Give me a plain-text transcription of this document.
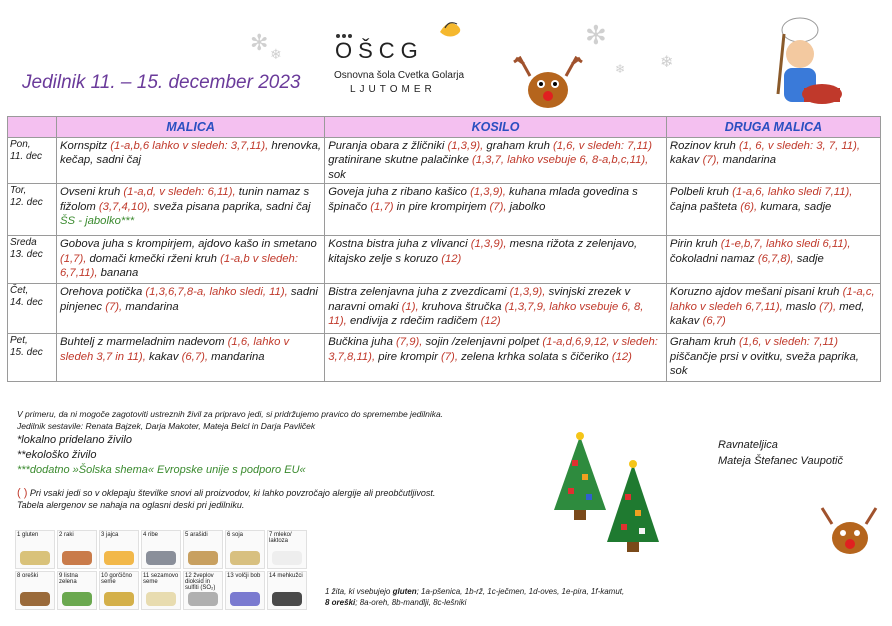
Jedilnik 11. – 15. december 2023
OŠCG
Osnovna šola Cvetka Golarja
LJUTOMER
✻ ❄
✻
❄
❄
	MALICA	KOSILO	DRUGA MALICA

Pon,
11. dec	Kornspitz (1-a,b,6 lahko v sledeh: 3,7,11), hrenovka, kečap, sadni čaj	Puranja obara z žličniki (1,3,9), graham kruh (1,6, v sledeh: 7,11) gratinirane skutne palačinke (1,3,7, lahko vsebuje 6, 8-a,b,c,11), sok	Rozinov kruh (1, 6, v sledeh: 3, 7, 11), kakav (7), mandarina

Tor,
12. dec	Ovseni kruh (1-a,d, v sledeh: 6,11), tunin namaz s fižolom (3,7,4,10), sveža pisana paprika, sadni čaj ŠS - jabolko***	Goveja juha z ribano kašico (1,3,9), kuhana mlada govedina s špinačo (1,7) in pire krompirjem (7), jabolko	Polbeli kruh (1-a,6, lahko sledi 7,11), čajna pašteta (6), kumara, sadje

Sreda
13. dec	Gobova juha s krompirjem, ajdovo kašo in smetano (1,7), domači kmečki rženi kruh (1-a,b v sledeh: 6,7,11), banana	Kostna bistra juha z vlivanci (1,3,9), mesna rižota z zelenjavo, kitajsko zelje s koruzo (12)	Pirin kruh (1-e,b,7, lahko sledi 6,11), čokoladni namaz (6,7,8), sadje

Čet,
14. dec	Orehova potička (1,3,6,7,8-a, lahko sledi, 11), sadni pinjenec (7), mandarina	Bistra zelenjavna juha z zvezdicami (1,3,9), svinjski zrezek v naravni omaki (1), kruhova štručka (1,3,7,9, lahko vsebuje 6, 8, 11), endivija z rdečim radičem (12)	Koruzno ajdov mešani pisani kruh (1-a,c, lahko v sledeh 6,7,11), maslo (7), med, kakav (6,7)

Pet,
15. dec	Buhtelj z marmeladnim nadevom (1,6, lahko v sledeh 3,7 in 11), kakav (6,7), mandarina	Bučkina juha (7,9), sojin /zelenjavni polpet (1-a,d,6,9,12, v sledeh: 3,7,8,11), pire krompir (7), zelena krhka solata s čičeriko (12)	Graham kruh (1,6, v sledeh: 7,11) piščančje prsi v ovitku, sveža paprika, sok
V primeru, da ni mogoče zagotoviti ustreznih živil za pripravo jedi, si pridržujemo pravico do spremembe jedilnika.
Jedilnik sestavile: Renata Bajzek, Darja Makoter, Mateja Belcl in Darja Pavliček
*lokalno pridelano živilo
**ekološko živilo
***dodatno »Šolska shema« Evropske unije s podporo EU«
( ) Pri vsaki jedi so v oklepaju številke snovi ali proizvodov, ki lahko povzročajo alergije ali preobčutljivost.
Tabela alergenov se nahaja na oglasni deski pri jedilniku.
Ravnateljica
Mateja Štefanec Vaupotič
1 gluten	2 raki	3 jajca	4 ribe	5 arašidi	6 soja	7 mleko/ laktoza
8 oreški	9 listna zelena
10 gorčično seme
11 sezamovo seme
12 žveplov dioksid in sulfiti (SO₂)
13 volčji bob	14 mehkužci
1 žita, ki vsebujejo gluten; 1a-pšenica, 1b-rž, 1c-ječmen, 1d-oves, 1e-pira, 1f-kamut,
8 oreški; 8a-oreh, 8b-mandlji, 8c-lešniki
